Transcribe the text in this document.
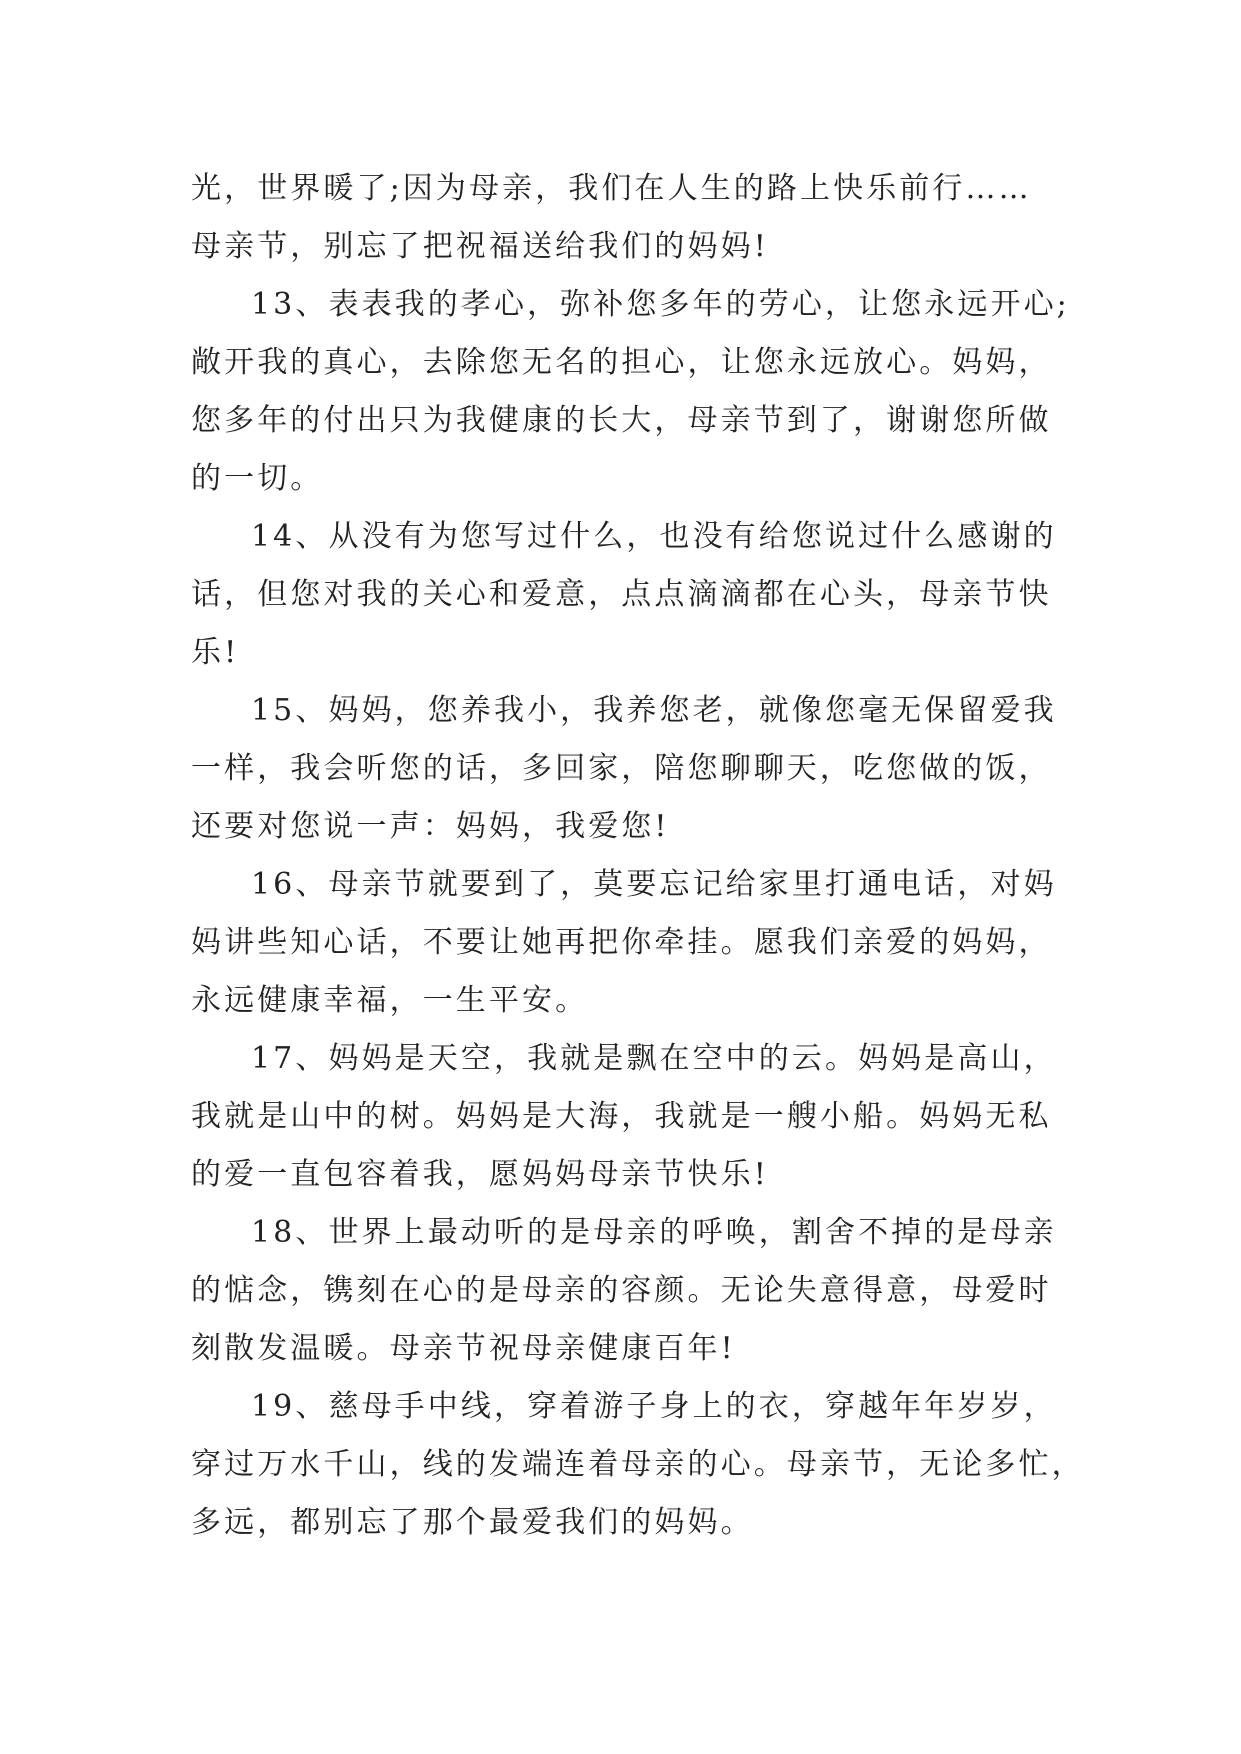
光，世界暖了;因为母亲，我们在人生的路上快乐前行……
母亲节，别忘了把祝福送给我们的妈妈!
13、表表我的孝心，弥补您多年的劳心，让您永远开心;
敞开我的真心，去除您无名的担心，让您永远放心。妈妈，
您多年的付出只为我健康的长大，母亲节到了，谢谢您所做
的一切。
14、从没有为您写过什么，也没有给您说过什么感谢的
话，但您对我的关心和爱意，点点滴滴都在心头，母亲节快
乐!
15、妈妈，您养我小，我养您老，就像您毫无保留爱我
一样，我会听您的话，多回家，陪您聊聊天，吃您做的饭，
还要对您说一声：妈妈，我爱您!
16、母亲节就要到了，莫要忘记给家里打通电话，对妈
妈讲些知心话，不要让她再把你牵挂。愿我们亲爱的妈妈，
永远健康幸福，一生平安。
17、妈妈是天空，我就是飘在空中的云。妈妈是高山，
我就是山中的树。妈妈是大海，我就是一艘小船。妈妈无私
的爱一直包容着我，愿妈妈母亲节快乐!
18、世界上最动听的是母亲的呼唤，割舍不掉的是母亲
的惦念，镌刻在心的是母亲的容颜。无论失意得意，母爱时
刻散发温暖。母亲节祝母亲健康百年!
19、慈母手中线，穿着游子身上的衣，穿越年年岁岁，
穿过万水千山，线的发端连着母亲的心。母亲节，无论多忙，
多远，都别忘了那个最爱我们的妈妈。
